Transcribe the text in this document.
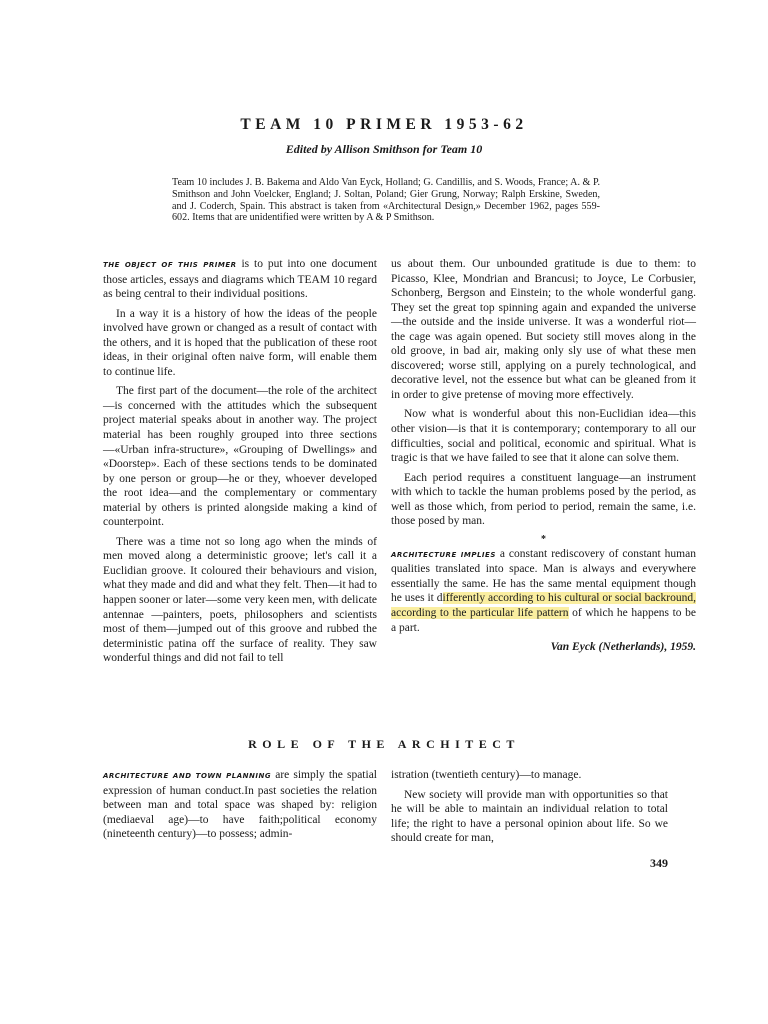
TEAM 10 PRIMER 1953-62

Edited by Allison Smithson for Team 10

Team 10 includes J. B. Bakema and Aldo Van Eyck, Holland; G. Candillis, and S. Woods, France; A. & P. Smithson and John Voelcker, England; J. Soltan, Poland; Gier Grung, Norway; Ralph Erskine, Sweden, and J. Coderch, Spain. This abstract is taken from «Architectural Design,» December 1962, pages 559-602. Items that are unidentified were written by A & P Smithson.

THE OBJECT OF THIS PRIMER is to put into one document those articles, essays and diagrams which TEAM 10 regard as being central to their individual positions.

In a way it is a history of how the ideas of the people involved have grown or changed as a result of contact with the others, and it is hoped that the publication of these root ideas, in their original often naive form, will enable them to continue life.

The first part of the document—the role of the architect—is concerned with the attitudes which the subsequent project material speaks about in another way. The project material has been roughly grouped into three sections—«Urban infra-structure», «Grouping of Dwellings» and «Doorstep». Each of these sections tends to be dominated by one person or group—he or they, whoever developed the root idea—and the complementary or commentary material by others is printed alongside making a kind of counterpoint.

There was a time not so long ago when the minds of men moved along a deterministic groove; let's call it a Euclidian groove. It coloured their behaviours and vision, what they made and did and what they felt. Then—it had to happen sooner or later—some very keen men, with delicate antennae —painters, poets, philosophers and scientists most of them—jumped out of this groove and rubbed the deterministic patina off the surface of reality. They saw wonderful things and did not fail to tell

us about them. Our unbounded gratitude is due to them: to Picasso, Klee, Mondrian and Brancusi; to Joyce, Le Corbusier, Schonberg, Bergson and Einstein; to the whole wonderful gang. They set the great top spinning again and expanded the universe—the outside and the inside universe. It was a wonderful riot—the cage was again opened. But society still moves along in the old groove, in bad air, making only sly use of what these men discovered; worse still, applying on a purely technological, and decorative level, not the essence but what can be gleaned from it in order to give pretense of moving more effectively.

Now what is wonderful about this non-Euclidian idea—this other vision—is that it is contemporary; contemporary to all our difficulties, social and political, economic and spiritual. What is tragic is that we have failed to see that it alone can solve them.

Each period requires a constituent language—an instrument with which to tackle the human problems posed by the period, as well as those which, from period to period, remain the same, i.e. those posed by man.

*

ARCHITECTURE IMPLIES a constant rediscovery of constant human qualities translated into space. Man is always and everywhere essentially the same. He has the same mental equipment though he uses it differently according to his cultural or social backround, according to the particular life pattern of which he happens to be a part.

Van Eyck (Netherlands), 1959.

ROLE OF THE ARCHITECT

ARCHITECTURE AND TOWN PLANNING are simply the spatial expression of human conduct.In past societies the relation between man and total space was shaped by: religion (mediaeval age)—to have faith;political economy (nineteenth century)—to possess; admin-

istration (twentieth century)—to manage.

New society will provide man with opportunities so that he will be able to maintain an individual relation to total life; the right to have a personal opinion about life. So we should create for man,

349
